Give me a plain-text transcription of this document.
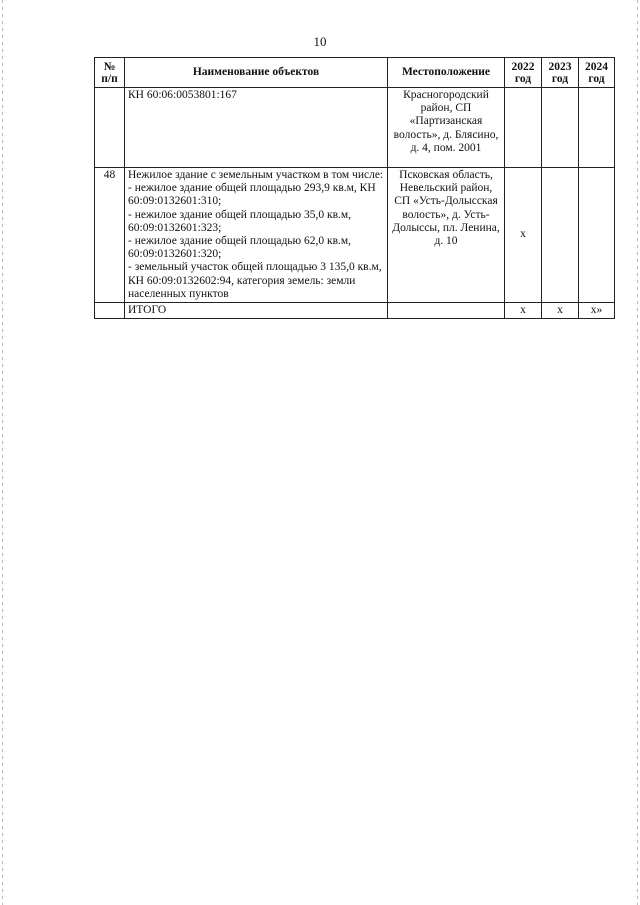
10
№ п/п	Наименование объектов	Местоположение	2022 год	2023 год	2024 год

	КН 60:06:0053801:167	Красногородский район, СП «Партизанская волость», д. Блясино, д. 4, пом. 2001			
48	Нежилое здание с земельным участком в том числе:
- нежилое здание общей площадью 293,9 кв.м, КН 60:09:0132601:310;
- нежилое здание общей площадью 35,0 кв.м, 60:09:0132601:323;
- нежилое здание общей площадью 62,0 кв.м, 60:09:0132601:320;
- земельный участок общей площадью 3 135,0 кв.м, КН 60:09:0132602:94, категория земель: земли населенных пунктов	Псковская область, Невельский район, СП «Усть-Долысская волость», д. Усть-Долысcы, пл. Ленина, д. 10	x		
	ИТОГО		x	x	x»
